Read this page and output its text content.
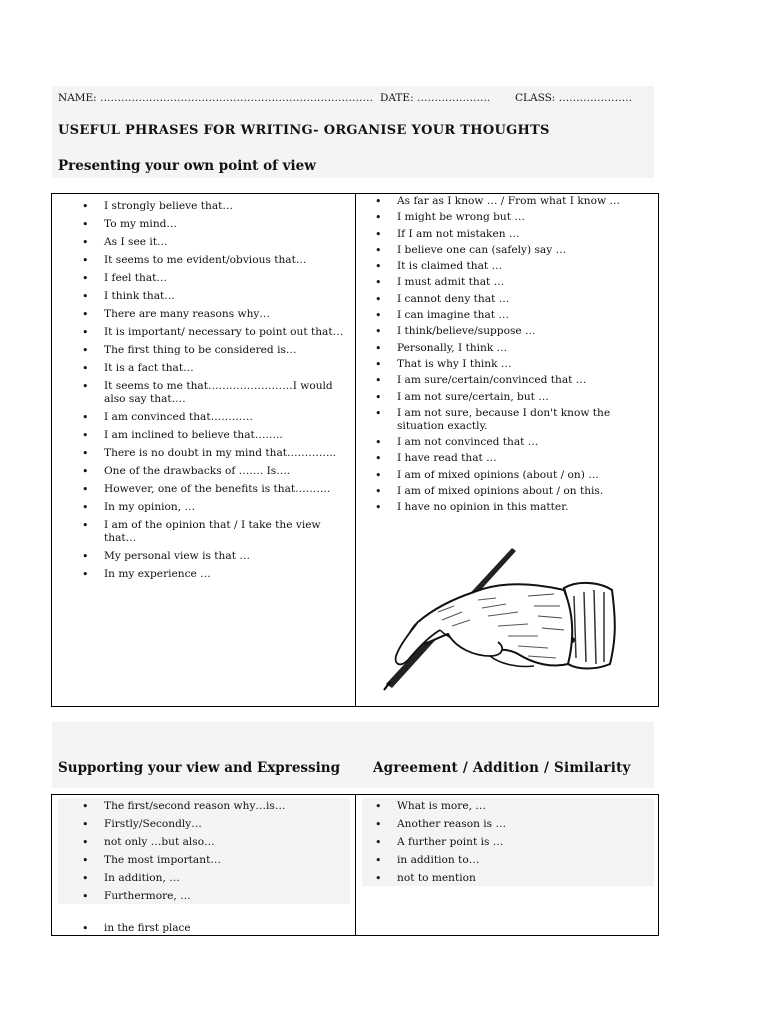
NAME: …………………………………………………………………… DATE: ………………… CLASS: …………………
USEFUL PHRASES FOR WRITING- ORGANISE YOUR THOUGHTS
Presenting your own point of view
• I strongly believe that…
• To my mind…
• As I see it…
• It seems to me evident/obvious that…
• I feel that…
• I think that…
• There are many reasons why…
• It is important/ necessary to point out that…
• The first thing to be considered is…
• It is a fact that…
• It seems to me that……………………I would also say that….
• I am convinced that…………
• I am inclined to believe that……..
• There is no doubt in my mind that…………..
• One of the drawbacks of ……. Is….
• However, one of the benefits is that……….
• In my opinion, …
• I am of the opinion that / I take the view that…
• My personal view is that …
• In my experience …
• As far as I know … / From what I know …
• I might be wrong but …
• If I am not mistaken …
• I believe one can (safely) say …
• It is claimed that …
• I must admit that …
• I cannot deny that …
• I can imagine that …
• I think/believe/suppose …
• Personally, I think …
• That is why I think …
• I am sure/certain/convinced that …
• I am not sure/certain, but …
• I am not sure, because I don't know the situation exactly.
• I am not convinced that …
• I have read that …
• I am of mixed opinions (about / on) …
• I am of mixed opinions about / on this.
• I have no opinion in this matter.
Supporting your view and Expressing Agreement / Addition / Similarity
• The first/second reason why…is…
• Firstly/Secondly…
• not only …but also…
• The most important…
• In addition, …
• Furthermore, …
• in the first place
• What is more, …
• Another reason is …
• A further point is …
• in addition to…
• not to mention
